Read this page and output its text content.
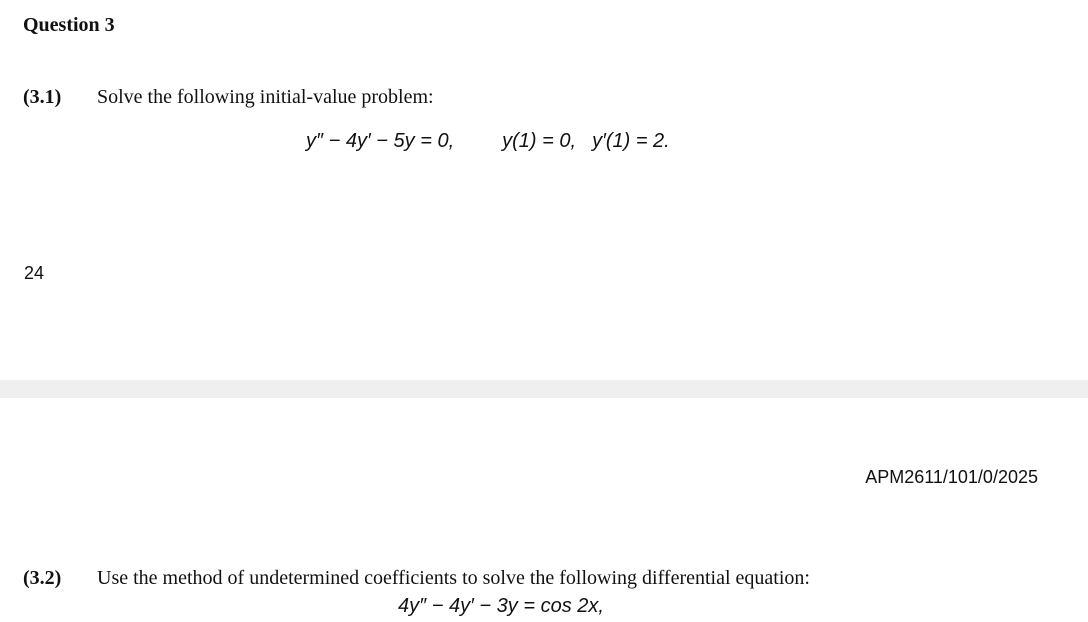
Question 3
(3.1)	Solve the following initial-value problem:
y″ − 4y′ − 5y = 0, y(1) = 0, y′(1) = 2.
24
APM2611/101/0/2025
(3.2)	Use the method of undetermined coefficients to solve the following differential equation:
4y″ − 4y′ − 3y = cos 2x,
